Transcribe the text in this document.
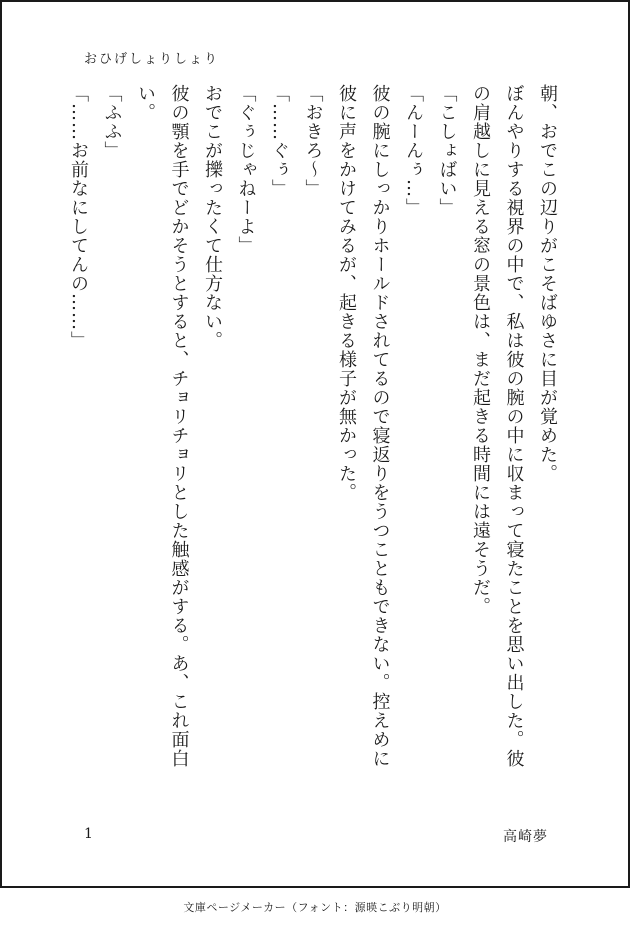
おひげしょりしょり

朝、おでこの辺りがこそばゆさに目が覚めた。

ぼんやりする視界の中で、私は彼の腕の中に収まって寝たことを思い出した。彼の肩越しに見える窓の景色は、まだ起きる時間には遠そうだ。

「こしょばい」

「んーんぅ…」

彼の腕にしっかりホールドされてるので寝返りをうつこともできない。控えめに彼に声をかけてみるが、起きる様子が無かった。

「おきろ〜」

「……ぐぅ」

「ぐぅじゃねーよ」

おでこが擽ったくて仕方ない。

彼の顎を手でどかそうとすると、チョリチョリとした触感がする。あ、これ面白い。

「ふふ」

「……お前なにしてんの……」

1	高崎夢
文庫ページメーカー（フォント：源暎こぶり明朝）
